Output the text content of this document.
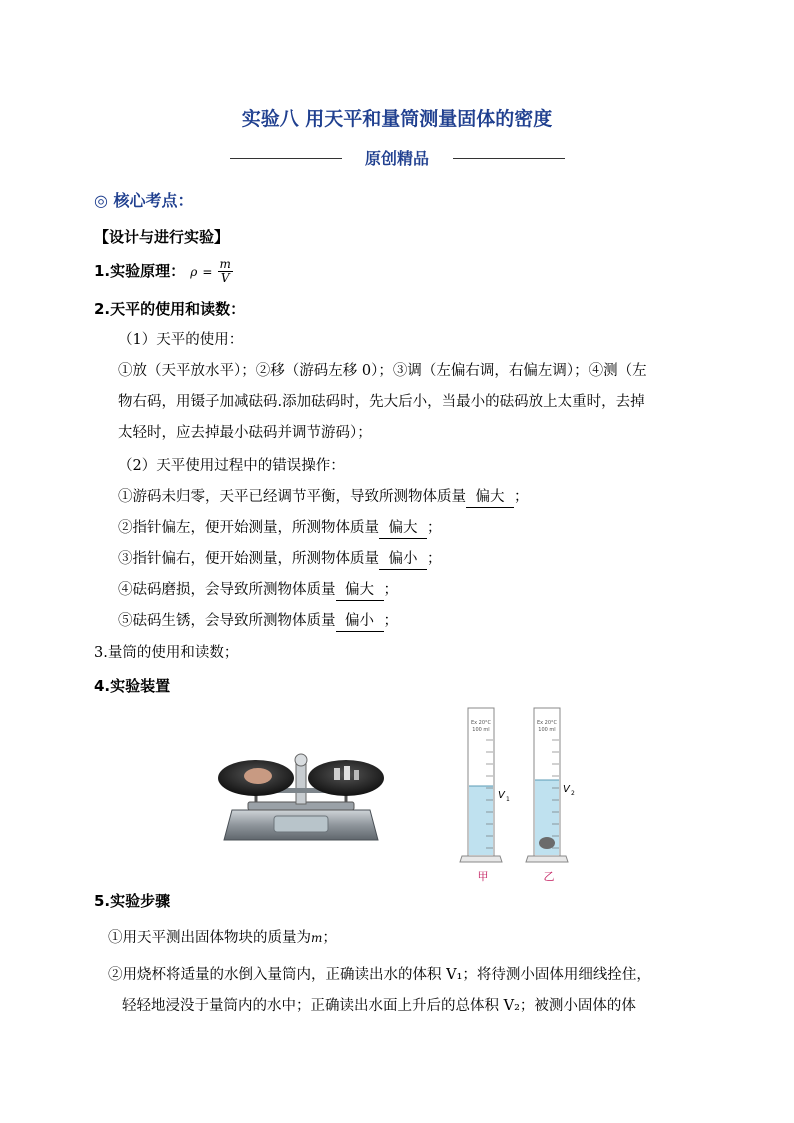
实验八 用天平和量筒测量固体的密度
原创精品
◎ 核心考点：
【设计与进行实验】
1.实验原理： $\rho = \frac{m}{V}$
2.天平的使用和读数：
（1）天平的使用：
①放（天平放水平）；②移（游码左移 0）；③调（左偏右调，右偏左调）；④测（左
物右码，用镊子加减砝码.添加砝码时，先大后小，当最小的砝码放上太重时，去掉
太轻时，应去掉最小砝码并调节游码）；
（2）天平使用过程中的错误操作：
①游码未归零，天平已经调节平衡，导致所测物体质量 偏大 ；
②指针偏左，便开始测量，所测物体质量 偏大 ；
③指针偏右，便开始测量，所测物体质量 偏小 ；
④砝码磨损，会导致所测物体质量 偏大 ；
⑤砝码生锈，会导致所测物体质量 偏小 ；
3.量筒的使用和读数；
4.实验装置
Ex 20°C
100 ml
V 1
Ex 20°C
100 ml
V 2
甲	乙
5.实验步骤
①用天平测出固体物块的质量为m；
②用烧杯将适量的水倒入量筒内，正确读出水的体积 V₁；将待测小固体用细线拴住，
轻轻地浸没于量筒内的水中；正确读出水面上升后的总体积 V₂；被测小固体的体
